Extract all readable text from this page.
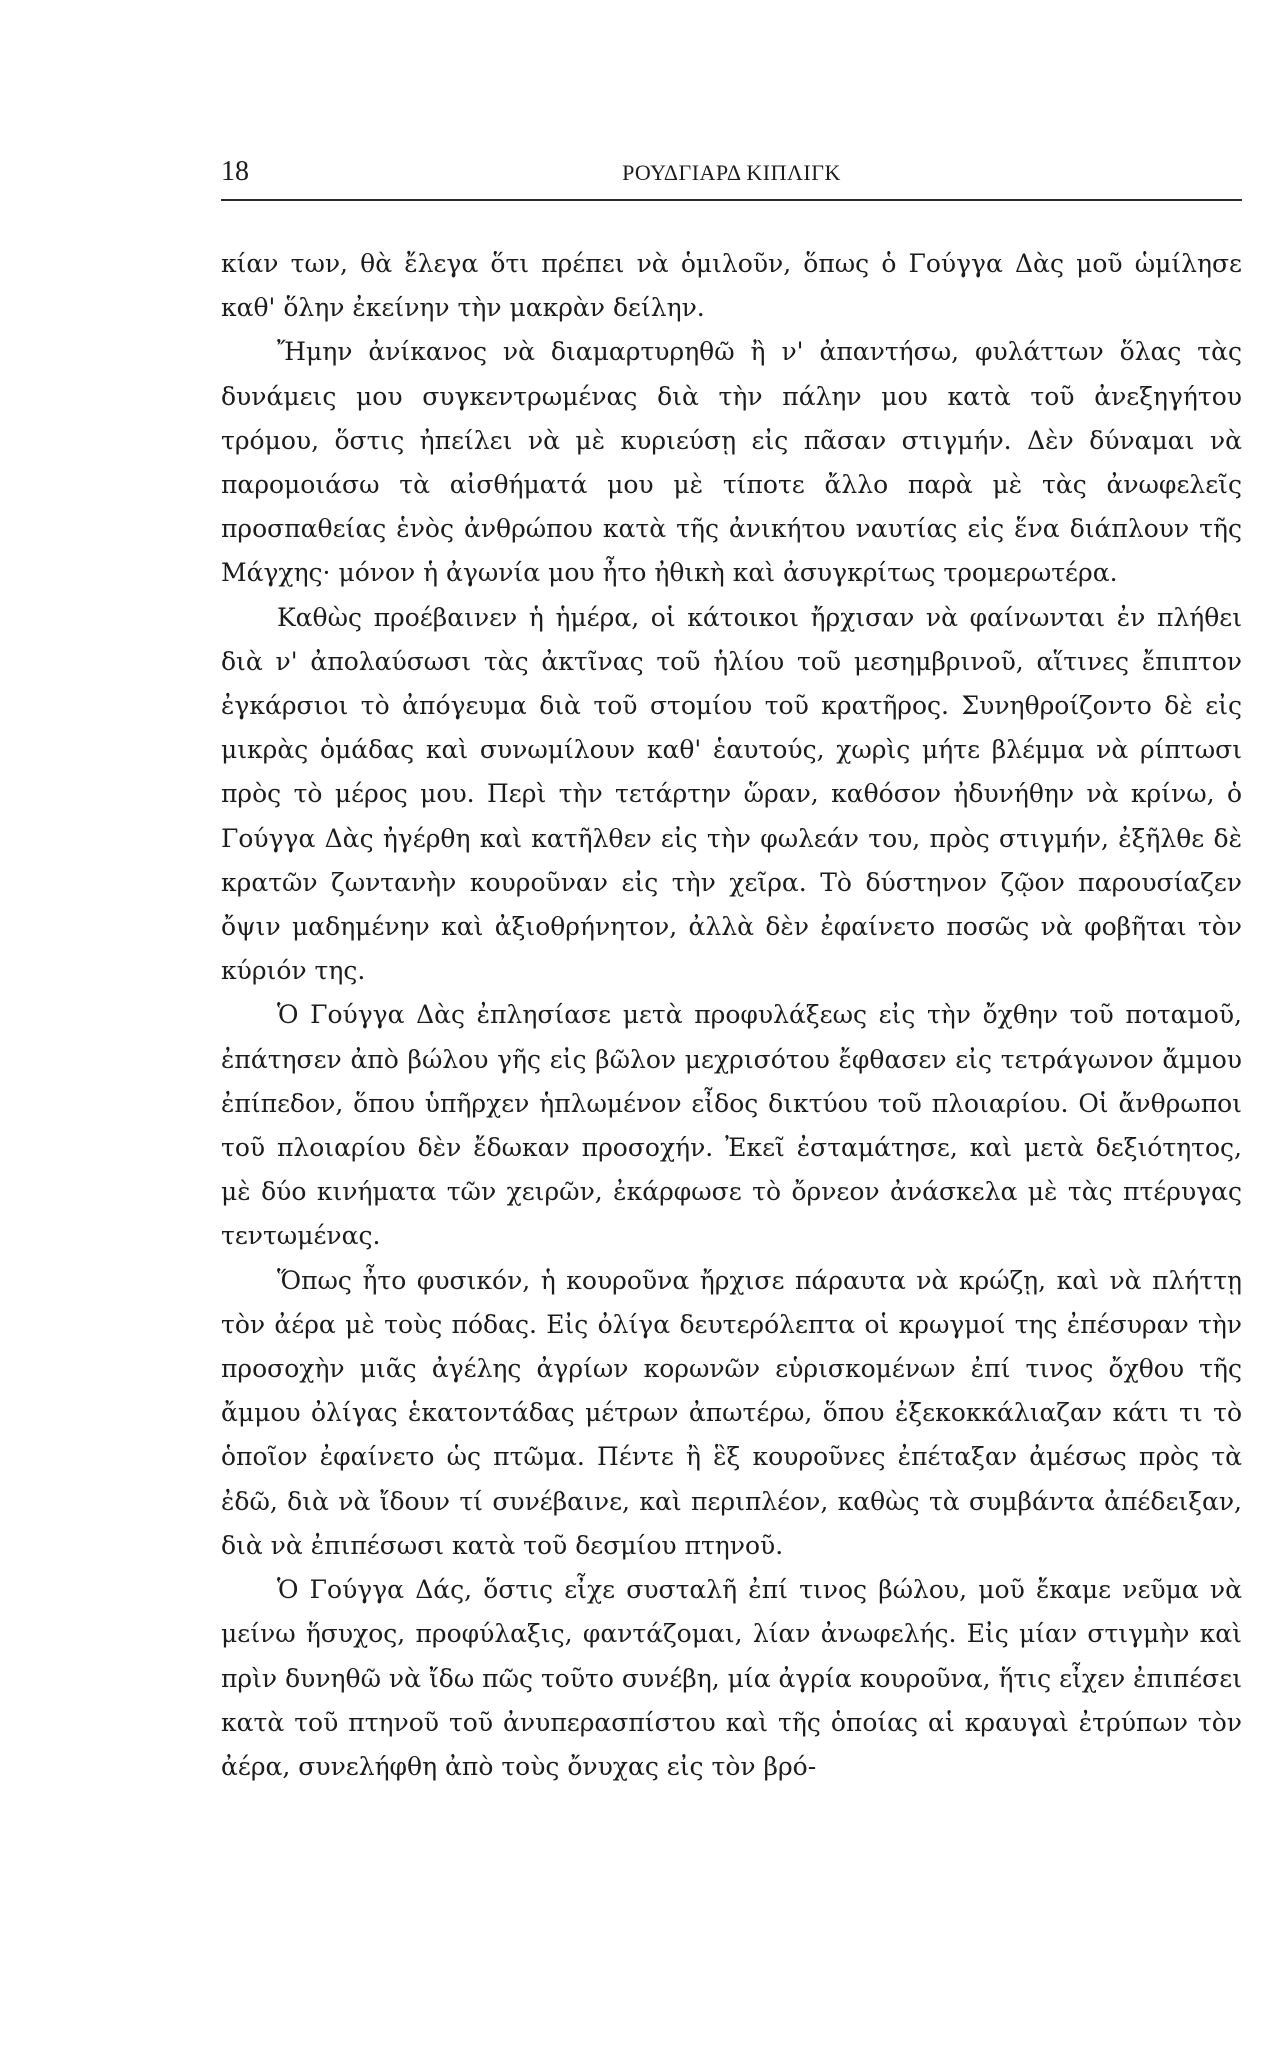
18	ΡΟΥΔΓΙΑΡΔ ΚΙΠΛΙΓΚ

κίαν των, θὰ ἔλεγα ὅτι πρέπει νὰ ὁμιλοῦν, ὅπως ὁ Γούγγα Δὰς μοῦ ὡμίλησε καθ' ὅλην ἐκείνην τὴν μακρὰν δείλην.

Ἤμην ἀνίκανος νὰ διαμαρτυρηθῶ ἢ ν' ἀπαντήσω, φυλάττων ὅλας τὰς δυνάμεις μου συγκεντρωμένας διὰ τὴν πάλην μου κατὰ τοῦ ἀνεξηγήτου τρόμου, ὅστις ἠπείλει νὰ μὲ κυριεύσῃ εἰς πᾶσαν στιγμήν. Δὲν δύναμαι νὰ παρομοιάσω τὰ αἰσθήματά μου μὲ τίποτε ἄλλο παρὰ μὲ τὰς ἀνωφελεῖς προσπαθείας ἑνὸς ἀνθρώπου κατὰ τῆς ἀνικήτου ναυτίας εἰς ἕνα διάπλουν τῆς Μάγχης· μόνον ἡ ἀγωνία μου ἦτο ἠθικὴ καὶ ἀσυγκρίτως τρομερωτέρα.

Καθὼς προέβαινεν ἡ ἡμέρα, οἱ κάτοικοι ἤρχισαν νὰ φαίνωνται ἐν πλήθει διὰ ν' ἀπολαύσωσι τὰς ἀκτῖνας τοῦ ἡλίου τοῦ μεσημβρινοῦ, αἵτινες ἔπιπτον ἐγκάρσιοι τὸ ἀπόγευμα διὰ τοῦ στομίου τοῦ κρατῆρος. Συνηθροίζοντο δὲ εἰς μικρὰς ὁμάδας καὶ συνωμίλουν καθ' ἑαυτούς, χωρὶς μήτε βλέμμα νὰ ρίπτωσι πρὸς τὸ μέρος μου. Περὶ τὴν τετάρτην ὥραν, καθόσον ἠδυνήθην νὰ κρίνω, ὁ Γούγγα Δὰς ἠγέρθη καὶ κατῆλθεν εἰς τὴν φωλεάν του, πρὸς στιγμήν, ἐξῆλθε δὲ κρατῶν ζωντανὴν κουροῦναν εἰς τὴν χεῖρα. Τὸ δύστηνον ζῷον παρουσίαζεν ὄψιν μαδημένην καὶ ἀξιοθρήνητον, ἀλλὰ δὲν ἐφαίνετο ποσῶς νὰ φοβῆται τὸν κύριόν της.

Ὁ Γούγγα Δὰς ἐπλησίασε μετὰ προφυλάξεως εἰς τὴν ὄχθην τοῦ ποταμοῦ, ἐπάτησεν ἀπὸ βώλου γῆς εἰς βῶλον μεχρισότου ἔφθασεν εἰς τετράγωνον ἄμμου ἐπίπεδον, ὅπου ὑπῆρχεν ἡπλωμένον εἶδος δικτύου τοῦ πλοιαρίου. Οἱ ἄνθρωποι τοῦ πλοιαρίου δὲν ἔδωκαν προσοχήν. Ἐκεῖ ἐσταμάτησε, καὶ μετὰ δεξιότητος, μὲ δύο κινήματα τῶν χειρῶν, ἐκάρφωσε τὸ ὄρνεον ἀνάσκελα μὲ τὰς πτέρυγας τεντωμένας.

Ὅπως ἦτο φυσικόν, ἡ κουροῦνα ἤρχισε πάραυτα νὰ κρώζῃ, καὶ νὰ πλήττῃ τὸν ἀέρα μὲ τοὺς πόδας. Εἰς ὀλίγα δευτερόλεπτα οἱ κρωγμοί της ἐπέσυραν τὴν προσοχὴν μιᾶς ἀγέλης ἀγρίων κορωνῶν εὑρισκομένων ἐπί τινος ὄχθου τῆς ἄμμου ὀλίγας ἑκατοντάδας μέτρων ἀπωτέρω, ὅπου ἐξεκοκκάλιαζαν κάτι τι τὸ ὁποῖον ἐφαίνετο ὡς πτῶμα. Πέντε ἢ ἓξ κουροῦνες ἐπέταξαν ἀμέσως πρὸς τὰ ἐδῶ, διὰ νὰ ἴδουν τί συνέβαινε, καὶ περιπλέον, καθὼς τὰ συμβάντα ἀπέδειξαν, διὰ νὰ ἐπιπέσωσι κατὰ τοῦ δεσμίου πτηνοῦ.

Ὁ Γούγγα Δάς, ὅστις εἶχε συσταλῆ ἐπί τινος βώλου, μοῦ ἔκαμε νεῦμα νὰ μείνω ἥσυχος, προφύλαξις, φαντάζομαι, λίαν ἀνωφελής. Εἰς μίαν στιγμὴν καὶ πρὶν δυνηθῶ νὰ ἴδω πῶς τοῦτο συνέβη, μία ἀγρία κουροῦνα, ἥτις εἶχεν ἐπιπέσει κατὰ τοῦ πτηνοῦ τοῦ ἀνυπερασπίστου καὶ τῆς ὁποίας αἱ κραυγαὶ ἐτρύπων τὸν ἀέρα, συνελήφθη ἀπὸ τοὺς ὄνυχας εἰς τὸν βρό-
